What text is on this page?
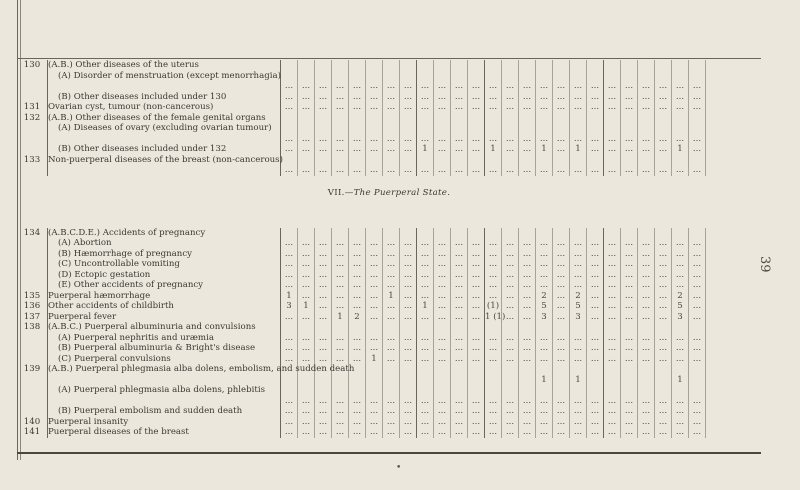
130	(A.B.) Other diseases of the uterus																									
	(A) Disorder of menstruation (except menorrhagia)	...	...	...	...	...	...	...	...	...	...	...	...	...	...	...	...	...	...	...	...	...	...	...	...	...
	(B) Other diseases included under 130	...	...	...	...	...	...	...	...	...	...	...	...	...	...	...	...	...	...	...	...	...	...	...	...	...
131	Ovarian cyst, tumour (non-cancerous)	...	...	...	...	...	...	...	...	...	...	...	...	...	...	...	...	...	...	...	...	...	...	...	...	...
132	(A.B.) Other diseases of the female genital organs																									
	(A) Diseases of ovary (excluding ovarian tumour)	...	...	...	...	...	...	...	...	...	...	...	...	...	...	...	...	...	...	...	...	...	...	...	...	...
	(B) Other diseases included under 132	...	...	...	...	...	...	...	...	1	...	...	...	1	...	...	1	...	1	...	...	...	...	...	1	...
133	Non-puerperal diseases of the breast (non-cancerous)	...	...	...	...	...	...	...	...	...	...	...	...	...	...	...	...	...	...	...	...	...	...	...	...	...
VII.—The Puerperal State.																										
134	(A.B.C.D.E.) Accidents of pregnancy																									
	(A) Abortion	...	...	...	...	...	...	...	...	...	...	...	...	...	...	...	...	...	...	...	...	...	...	...	...	...
	(B) Hæmorrhage of pregnancy	...	...	...	...	...	...	...	...	...	...	...	...	...	...	...	...	...	...	...	...	...	...	...	...	...
	(C) Uncontrollable vomiting	...	...	...	...	...	...	...	...	...	...	...	...	...	...	...	...	...	...	...	...	...	...	...	...	...
	(D) Ectopic gestation	...	...	...	...	...	...	...	...	...	...	...	...	...	...	...	...	...	...	...	...	...	...	...	...	...
	(E) Other accidents of pregnancy	...	...	...	...	...	...	...	...	...	...	...	...	...	...	...	...	...	...	...	...	...	...	...	...	...
135	Puerperal hæmorrhage	1	...	...	...	...	...	1	...	...	...	...	...	...	...	...	2	...	2	...	...	...	...	...	2	...
136	Other accidents of childbirth	3	1	...	...	...	...	...	...	1	...	...	...	(1)	...	...	5	...	5	...	...	...	...	...	5	...
137	Puerperal fever	...	...	...	1	2	...	...	...	...	...	...	...	1 (1)	...	...	3	...	3	...	...	...	...	...	3	...
138	(A.B.C.) Puerperal albuminuria and convulsions																									
	(A) Puerperal nephritis and uræmia	...	...	...	...	...	...	...	...	...	...	...	...	...	...	...	...	...	...	...	...	...	...	...	...	...
	(B) Puerperal albuminuria & Bright's disease	...	...	...	...	...	...	...	...	...	...	...	...	...	...	...	...	...	...	...	...	...	...	...	...	...
	(C) Puerperal convulsions	...	...	...	...	...	1	...	...	...	...	...	...	...	...	...	...	...	...	...	...	...	...	...	...	...
139	(A.B.) Puerperal phlegmasia alba dolens, embolism, and sudden death																1		1						1	
	(A) Puerperal phlegmasia alba dolens, phlebitis	...	...	...	...	...	...	...	...	...	...	...	...	...	...	...	...	...	...	...	...	...	...	...	...	...
	(B) Puerperal embolism and sudden death	...	...	...	...	...	...	...	...	...	...	...	...	...	...	...	...	...	...	...	...	...	...	...	...	...
140	Puerperal insanity	...	...	...	...	...	...	...	...	...	...	...	...	...	...	...	...	...	...	...	...	...	...	...	...	...
141	Puerperal diseases of the breast	...	...	...	...	...	...	...	...	...	...	...	...	...	...	...	...	...	...	...	...	...	...	...	...	...
39
•
